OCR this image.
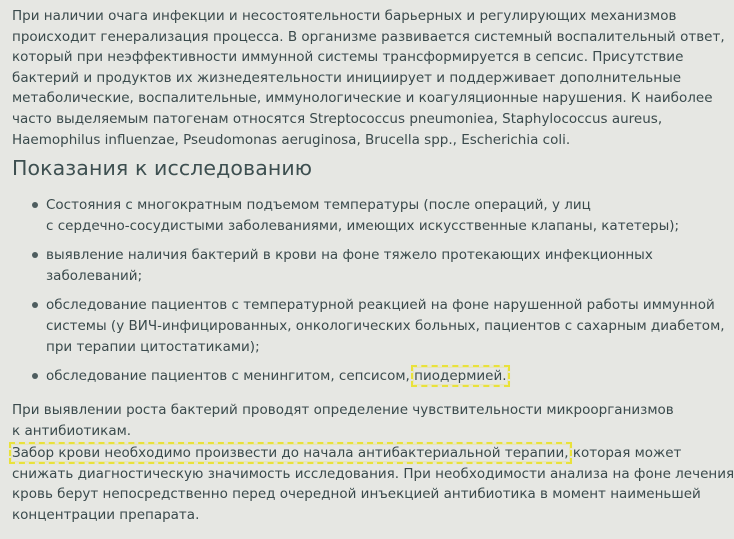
При наличии очага инфекции и несостоятельности барьерных и регулирующих механизмов
происходит генерализация процесса. В организме развивается системный воспалительный ответ,
который при неэффективности иммунной системы трансформируется в сепсис. Присутствие
бактерий и продуктов их жизнедеятельности инициирует и поддерживает дополнительные
метаболические, воспалительные, иммунологические и коагуляционные нарушения. К наиболее
часто выделяемым патогенам относятся Streptococcus pneumoniea, Staphylococcus aureus,
Haemophilus influenzae, Pseudomonas aeruginosa, Brucella spp., Escherichia coli.

Показания к исследованию
Состояния с многократным подъемом температуры (после операций, у лиц
с сердечно-сосудистыми заболеваниями, имеющих искусственные клапаны, катетеры);
выявление наличия бактерий в крови на фоне тяжело протекающих инфекционных
заболеваний;
обследование пациентов с температурной реакцией на фоне нарушенной работы иммунной
системы (у ВИЧ-инфицированных, онкологических больных, пациентов с сахарным диабетом,
при терапии цитостатиками);
обследование пациентов с менингитом, сепсисом, пиодермией.

При выявлении роста бактерий проводят определение чувствительности микроорганизмов
к антибиотикам.

Забор крови необходимо произвести до начала антибактериальной терапии, которая может
снижать диагностическую значимость исследования. При необходимости анализа на фоне лечения
кровь берут непосредственно перед очередной инъекцией антибиотика в момент наименьшей
концентрации препарата.
